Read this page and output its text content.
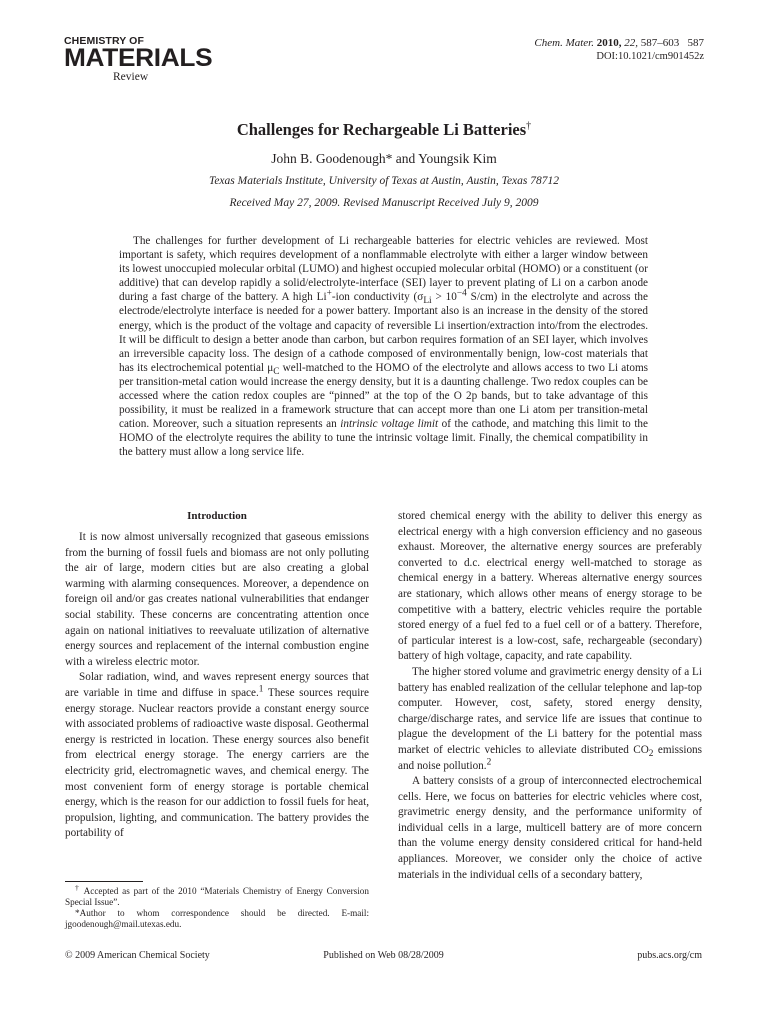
CHEMISTRY OF
MATERIALS
Review
Chem. Mater. 2010, 22, 587–603 587
DOI:10.1021/cm901452z
Challenges for Rechargeable Li Batteries†
John B. Goodenough* and Youngsik Kim
Texas Materials Institute, University of Texas at Austin, Austin, Texas 78712
Received May 27, 2009. Revised Manuscript Received July 9, 2009
The challenges for further development of Li rechargeable batteries for electric vehicles are reviewed. Most important is safety, which requires development of a nonflammable electrolyte with either a larger window between its lowest unoccupied molecular orbital (LUMO) and highest occupied molecular orbital (HOMO) or a constituent (or additive) that can develop rapidly a solid/electrolyte-interface (SEI) layer to prevent plating of Li on a carbon anode during a fast charge of the battery. A high Li+-ion conductivity ($\sigma_{Li} > 10^{-4}$ S/cm) in the electrolyte and across the electrode/electrolyte interface is needed for a power battery. Important also is an increase in the density of the stored energy, which is the product of the voltage and capacity of reversible Li insertion/extraction into/from the electrodes. It will be difficult to design a better anode than carbon, but carbon requires formation of an SEI layer, which involves an irreversible capacity loss. The design of a cathode composed of environmentally benign, low-cost materials that has its electrochemical potential $\mu_C$ well-matched to the HOMO of the electrolyte and allows access to two Li atoms per transition-metal cation would increase the energy density, but it is a daunting challenge. Two redox couples can be accessed where the cation redox couples are “pinned” at the top of the O 2p bands, but to take advantage of this possibility, it must be realized in a framework structure that can accept more than one Li atom per transition-metal cation. Moreover, such a situation represents an intrinsic voltage limit of the cathode, and matching this limit to the HOMO of the electrolyte requires the ability to tune the intrinsic voltage limit. Finally, the chemical compatibility in the battery must allow a long service life.
Introduction

It is now almost universally recognized that gaseous emissions from the burning of fossil fuels and biomass are not only polluting the air of large, modern cities but are also creating a global warming with alarming consequences. Moreover, a dependence on foreign oil and/or gas creates national vulnerabilities that endanger social stability. These concerns are concentrating attention once again on national initiatives to reevaluate utilization of alternative energy sources and replacement of the internal combustion engine with a wireless electric motor.

Solar radiation, wind, and waves represent energy sources that are variable in time and diffuse in space.$^1$ These sources require energy storage. Nuclear reactors provide a constant energy source with associated problems of radioactive waste disposal. Geothermal energy is restricted in location. These energy sources also benefit from electrical energy storage. The energy carriers are the electricity grid, electromagnetic waves, and chemical energy. The most convenient form of energy storage is portable chemical energy, which is the reason for our addiction to fossil fuels for heat, propulsion, lighting, and communication. The battery provides the portability of

stored chemical energy with the ability to deliver this energy as electrical energy with a high conversion efficiency and no gaseous exhaust. Moreover, the alternative energy sources are preferably converted to d.c. electrical energy well-matched to storage as chemical energy in a battery. Whereas alternative energy sources are stationary, which allows other means of energy storage to be competitive with a battery, electric vehicles require the portable stored energy of a fuel fed to a fuel cell or of a battery. Therefore, of particular interest is a low-cost, safe, rechargeable (secondary) battery of high voltage, capacity, and rate capability.

The higher stored volume and gravimetric energy density of a Li battery has enabled realization of the cellular telephone and lap-top computer. However, cost, safety, stored energy density, charge/discharge rates, and service life are issues that continue to plague the development of the Li battery for the potential mass market of electric vehicles to alleviate distributed $CO_2$ emissions and noise pollution.$^2$

A battery consists of a group of interconnected electrochemical cells. Here, we focus on batteries for electric vehicles where cost, gravimetric energy density, and the performance uniformity of individual cells in a large, multicell battery are of more concern than the volume energy density considered critical for hand-held appliances. Moreover, we consider only the choice of active materials in the individual cells of a secondary battery,

† Accepted as part of the 2010 “Materials Chemistry of Energy Conversion Special Issue”.

*Author to whom correspondence should be directed. E-mail: jgoodenough@mail.utexas.edu.

© 2009 American Chemical Society	Published on Web 08/28/2009	pubs.acs.org/cm
